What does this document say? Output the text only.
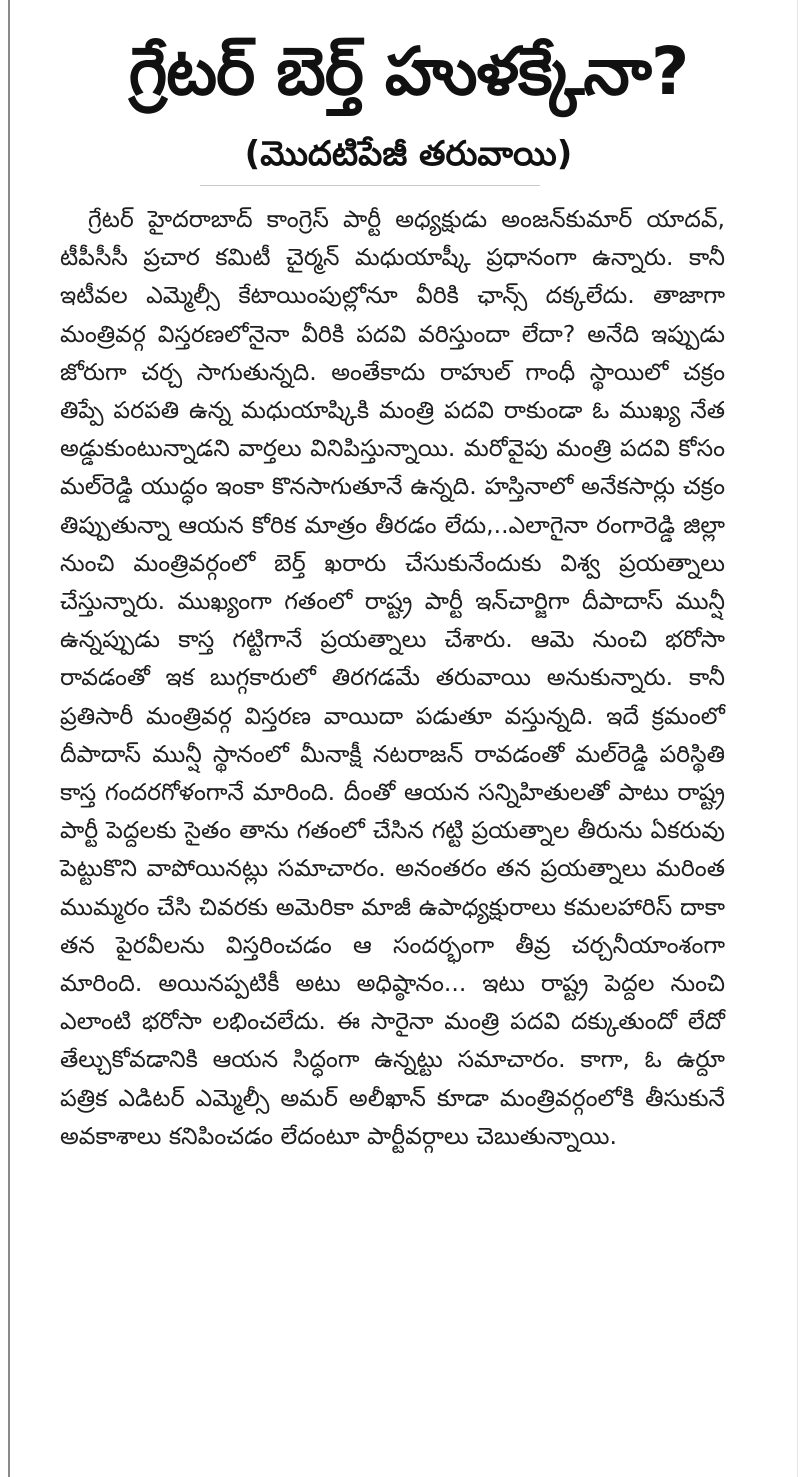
గ్రేటర్ బెర్త్ హుళక్కేనా?
(మొదటిపేజీ తరువాయి)

గ్రేటర్ హైదరాబాద్ కాంగ్రెస్ పార్టీ అధ్యక్షుడు అంజన్‌కుమార్ యాదవ్, టీపీసీసీ ప్రచార కమిటీ చైర్మన్ మధుయాష్కీ ప్రధానంగా ఉన్నారు. కానీ ఇటీవల ఎమ్మెల్సీ కేటాయింపుల్లోనూ వీరికి ఛాన్స్ దక్కలేదు. తాజాగా మంత్రివర్గ విస్తరణలోనైనా వీరికి పదవి వరిస్తుందా లేదా? అనేది ఇప్పుడు జోరుగా చర్చ సాగుతున్నది. అంతేకాదు రాహుల్ గాంధీ స్థాయిలో చక్రం తిప్పే పరపతి ఉన్న మధుయాష్కికి మంత్రి పదవి రాకుండా ఓ ముఖ్య నేత అడ్డుకుంటున్నాడని వార్తలు వినిపిస్తున్నాయి. మరోవైపు మంత్రి పదవి కోసం మల్‌రెడ్డి యుద్ధం ఇంకా కొనసాగుతూనే ఉన్నది. హస్తినాలో అనేకసార్లు చక్రం తిప్పుతున్నా ఆయన కోరిక మాత్రం తీరడం లేదు,..ఎలాగైనా రంగారెడ్డి జిల్లా నుంచి మంత్రివర్గంలో బెర్త్ ఖరారు చేసుకునేందుకు విశ్వ ప్రయత్నాలు చేస్తున్నారు. ముఖ్యంగా గతంలో రాష్ట్ర పార్టీ ఇన్‌చార్జిగా దీపాదాస్ మున్షీ ఉన్నప్పుడు కాస్త గట్టిగానే ప్రయత్నాలు చేశారు. ఆమె నుంచి భరోసా రావడంతో ఇక బుగ్గకారులో తిరగడమే తరువాయి అనుకున్నారు. కానీ ప్రతిసారీ మంత్రివర్గ విస్తరణ వాయిదా పడుతూ వస్తున్నది. ఇదే క్రమంలో దీపాదాస్ మున్షీ స్థానంలో మీనాక్షీ నటరాజన్ రావడంతో మల్‌రెడ్డి పరిస్థితి కాస్త గందరగోళంగానే మారింది. దీంతో ఆయన సన్నిహితులతో పాటు రాష్ట్ర పార్టీ పెద్దలకు సైతం తాను గతంలో చేసిన గట్టి ప్రయత్నాల తీరును ఏకరువు పెట్టుకొని వాపోయినట్లు సమాచారం. అనంతరం తన ప్రయత్నాలు మరింత ముమ్మరం చేసి చివరకు అమెరికా మాజీ ఉపాధ్యక్షురాలు కమలహారిస్ దాకా తన పైరవీలను విస్తరించడం ఆ సందర్భంగా తీవ్ర చర్చనీయాంశంగా మారింది. అయినప్పటికీ అటు అధిష్ఠానం... ఇటు రాష్ట్ర పెద్దల నుంచి ఎలాంటి భరోసా లభించలేదు. ఈ సారైనా మంత్రి పదవి దక్కుతుందో లేదో తేల్చుకోవడానికి ఆయన సిద్ధంగా ఉన్నట్టు సమాచారం. కాగా, ఓ ఉర్దూ పత్రిక ఎడిటర్ ఎమ్మెల్సీ అమర్ అలీఖాన్ కూడా మంత్రివర్గంలోకి తీసుకునే అవకాశాలు కనిపించడం లేదంటూ పార్టీవర్గాలు చెబుతున్నాయి.
